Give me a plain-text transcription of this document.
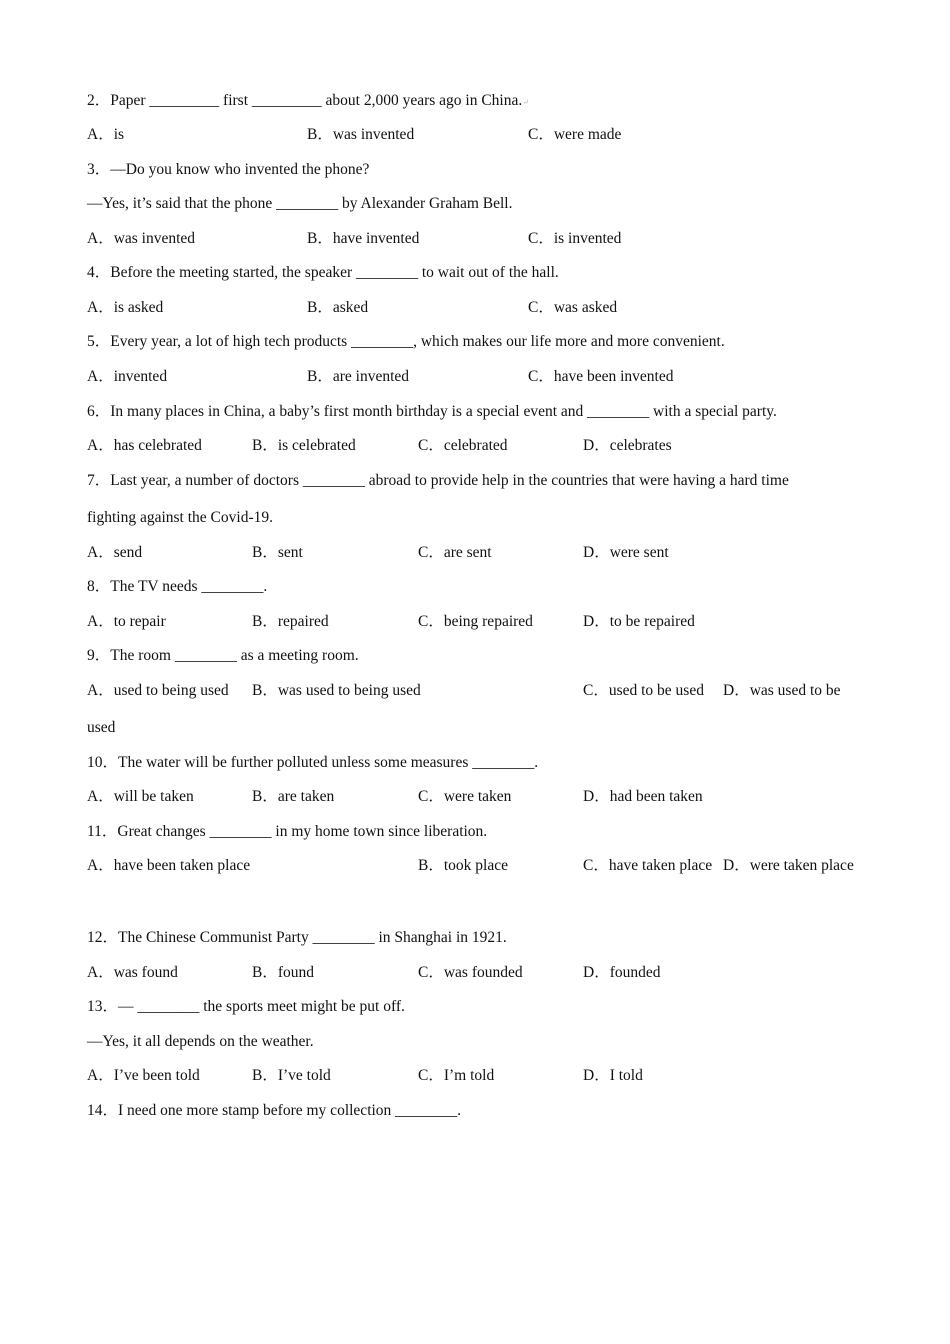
2．Paper _________ first _________ about 2,000 years ago in China.↵
A．is	B．was invented	C．were made
3．—Do you know who invented the phone?
—Yes, it’s said that the phone ________ by Alexander Graham Bell.
A．was invented	B．have invented	C．is invented
4．Before the meeting started, the speaker ________ to wait out of the hall.
A．is asked	B．asked	C．was asked
5．Every year, a lot of high tech products ________, which makes our life more and more convenient.
A．invented	B．are invented	C．have been invented
6．In many places in China, a baby’s first month birthday is a special event and ________ with a special party.
A．has celebrated	B．is celebrated	C．celebrated	D．celebrates
7．Last year, a number of doctors ________ abroad to provide help in the countries that were having a hard time
fighting against the Covid-19.
A．send	B．sent	C．are sent	D．were sent
8．The TV needs ________.
A．to repair	B．repaired	C．being repaired	D．to be repaired
9．The room ________ as a meeting room.
A．used to being used B．was used to being used	C．used to be used D．was used to be
used
10．The water will be further polluted unless some measures ________.
A．will be taken	B．are taken	C．were taken	D．had been taken
11．Great changes ________ in my home town since liberation.
A．have been taken place	B．took place	C．have taken place D．were taken place
12．The Chinese Communist Party ________ in Shanghai in 1921.
A．was found	B．found	C．was founded	D．founded
13．— ________ the sports meet might be put off.
—Yes, it all depends on the weather.
A．I’ve been told	B．I’ve told	C．I’m told	D．I told
14．I need one more stamp before my collection ________.
